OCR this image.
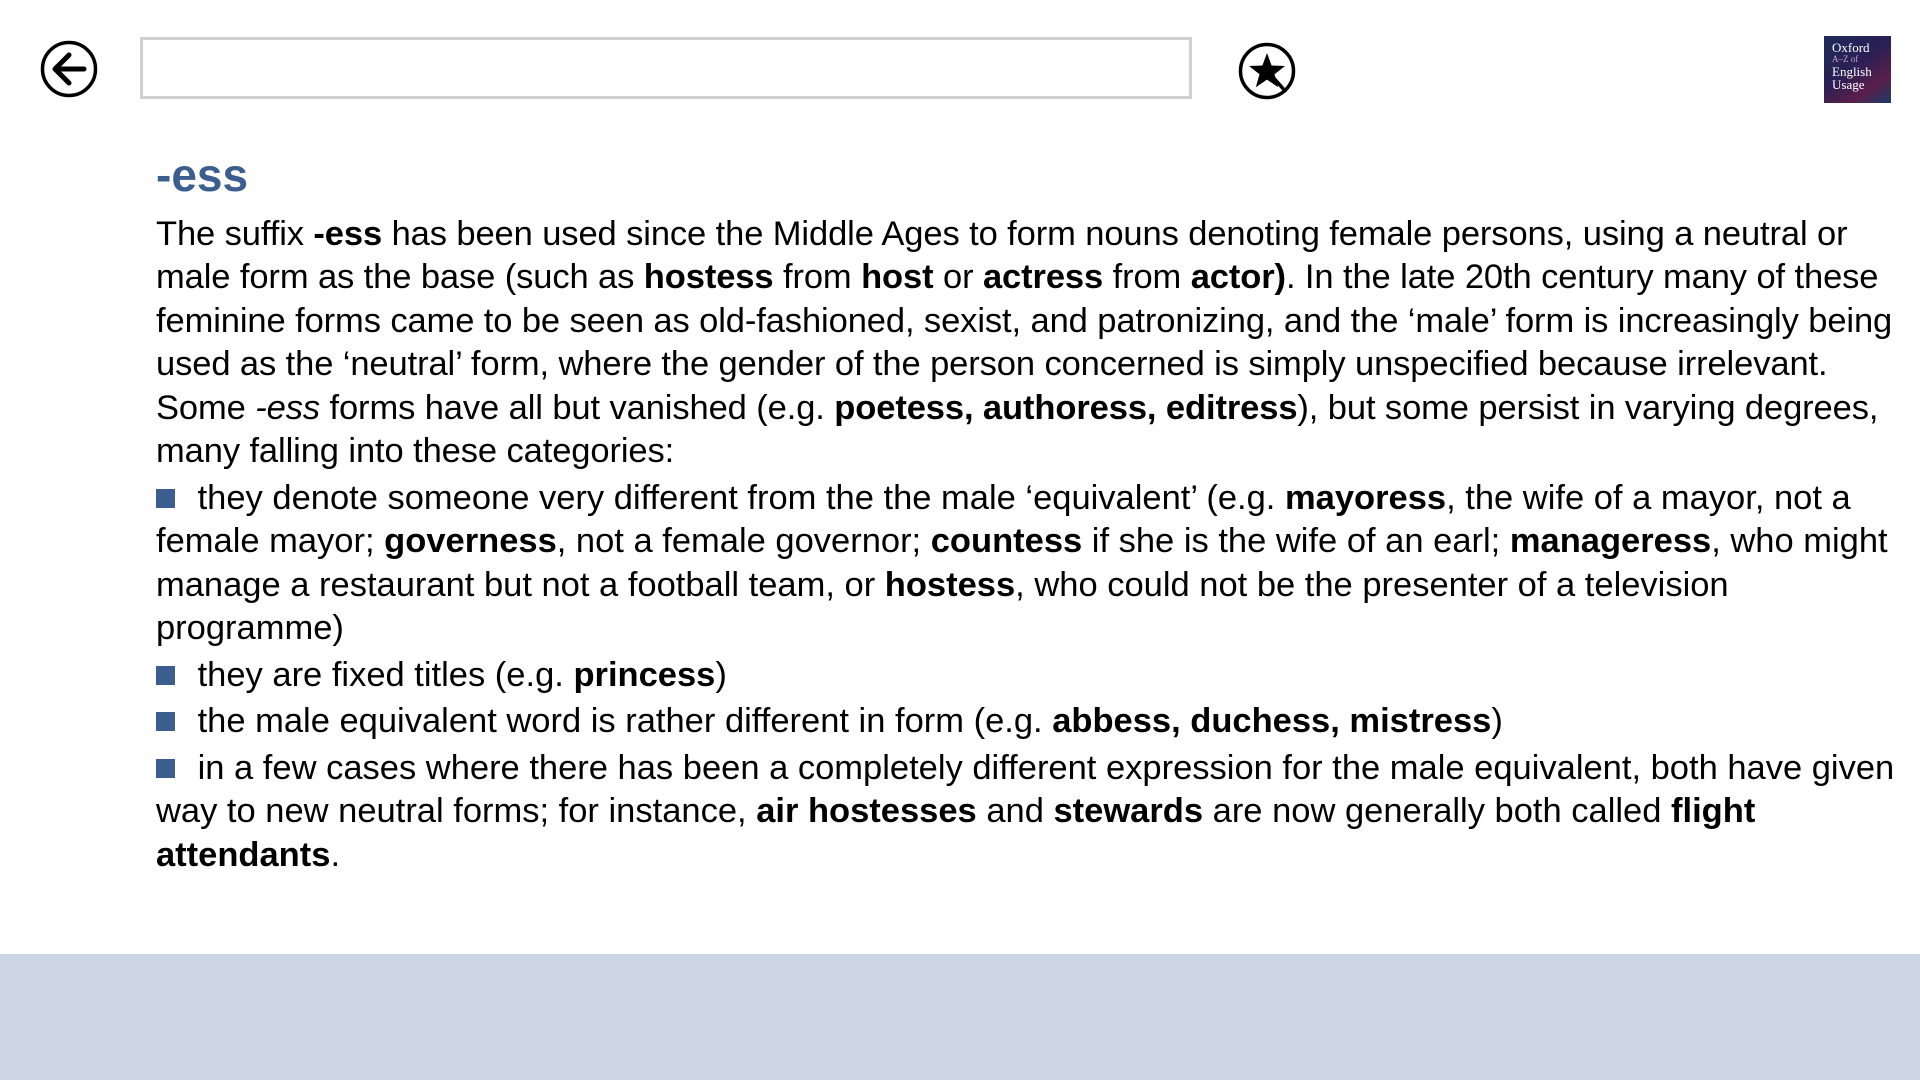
Oxford
A–Z of
English
Usage
-ess

The suffix -ess has been used since the Middle Ages to form nouns denoting female persons, using a neutral or male form as the base (such as hostess from host or actress from actor). In the late 20th century many of these feminine forms came to be seen as old-fashioned, sexist, and patronizing, and the ‘male’ form is increasingly being used as the ‘neutral’ form, where the gender of the person concerned is simply unspecified because irrelevant. Some -ess forms have all but vanished (e.g. poetess, authoress, editress), but some persist in varying degrees, many falling into these categories:

they denote someone very different from the the male ‘equivalent’ (e.g. mayoress, the wife of a mayor, not a female mayor; governess, not a female governor; countess if she is the wife of an earl; manageress, who might manage a restaurant but not a football team, or hostess, who could not be the presenter of a television programme)

they are fixed titles (e.g. princess)

the male equivalent word is rather different in form (e.g. abbess, duchess, mistress)

in a few cases where there has been a completely different expression for the male equivalent, both have given way to new neutral forms; for instance, air hostesses and stewards are now generally both called flight attendants.
